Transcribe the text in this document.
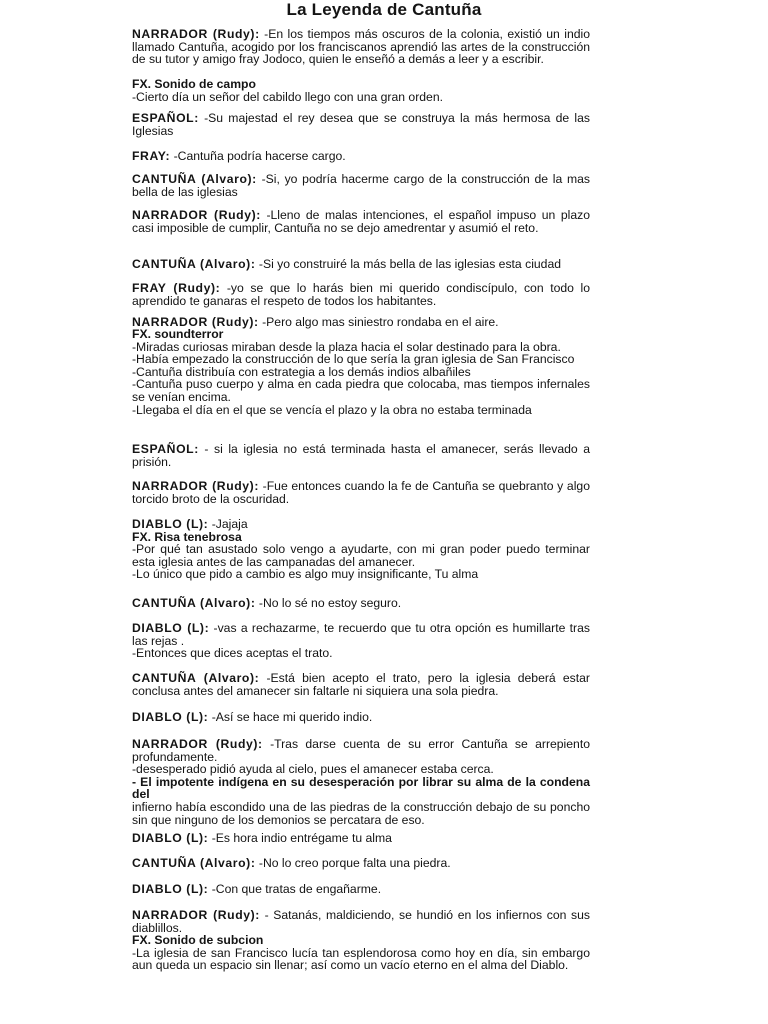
La Leyenda de Cantuña

NARRADOR (Rudy): -En los tiempos más oscuros de la colonia, existió un indio llamado Cantuña, acogido por los franciscanos aprendió las artes de la construcción de su tutor y amigo fray Jodoco, quien le enseñó a demás a leer y a escribir.

FX. Sonido de campo

-Cierto día un señor del cabildo llego con una gran orden.

ESPAÑOL: -Su majestad el rey desea que se construya la más hermosa de las Iglesias

FRAY: -Cantuña podría hacerse cargo.

CANTUÑA (Alvaro): -Si, yo podría hacerme cargo de la construcción de la mas bella de las iglesias

NARRADOR (Rudy): -Lleno de malas intenciones, el español impuso un plazo casi imposible de cumplir, Cantuña no se dejo amedrentar y asumió el reto.

CANTUÑA (Alvaro): -Si yo construiré la más bella de las iglesias esta ciudad

FRAY (Rudy): -yo se que lo harás bien mi querido condiscípulo, con todo lo aprendido te ganaras el respeto de todos los habitantes.

NARRADOR (Rudy): -Pero algo mas siniestro rondaba en el aire.

FX. soundterror

-Miradas curiosas miraban desde la plaza hacia el solar destinado para la obra.

-Había empezado la construcción de lo que sería la gran iglesia de San Francisco

-Cantuña distribuía con estrategia a los demás indios albañiles

-Cantuña puso cuerpo y alma en cada piedra que colocaba, mas tiempos infernales se venían encima.

-Llegaba el día en el que se vencía el plazo y la obra no estaba terminada

ESPAÑOL: - si la iglesia no está terminada hasta el amanecer, serás llevado a prisión.

NARRADOR (Rudy): -Fue entonces cuando la fe de Cantuña se quebranto y algo torcido broto de la oscuridad.

DIABLO (L): -Jajaja

FX. Risa tenebrosa

-Por qué tan asustado solo vengo a ayudarte, con mi gran poder puedo terminar esta iglesia antes de las campanadas del amanecer.

-Lo único que pido a cambio es algo muy insignificante, Tu alma

CANTUÑA (Alvaro): -No lo sé no estoy seguro.

DIABLO (L): -vas a rechazarme, te recuerdo que tu otra opción es humillarte tras las rejas .

-Entonces que dices aceptas el trato.

CANTUÑA (Alvaro): -Está bien acepto el trato, pero la iglesia deberá estar conclusa antes del amanecer sin faltarle ni siquiera una sola piedra.

DIABLO (L): -Así se hace mi querido indio.

NARRADOR (Rudy): -Tras darse cuenta de su error Cantuña se arrepiento profundamente.

-desesperado pidió ayuda al cielo, pues el amanecer estaba cerca.

- El impotente indígena en su desesperación por librar su alma de la condena del

infierno había escondido una de las piedras de la construcción debajo de su poncho sin que ninguno de los demonios se percatara de eso.

DIABLO (L): -Es hora indio entrégame tu alma

CANTUÑA (Alvaro): -No lo creo porque falta una piedra.

DIABLO (L): -Con que tratas de engañarme.

NARRADOR (Rudy): - Satanás, maldiciendo, se hundió en los infiernos con sus diablillos.

FX. Sonido de subcion

-La iglesia de san Francisco lucía tan esplendorosa como hoy en día, sin embargo aun queda un espacio sin llenar; así como un vacío eterno en el alma del Diablo.
